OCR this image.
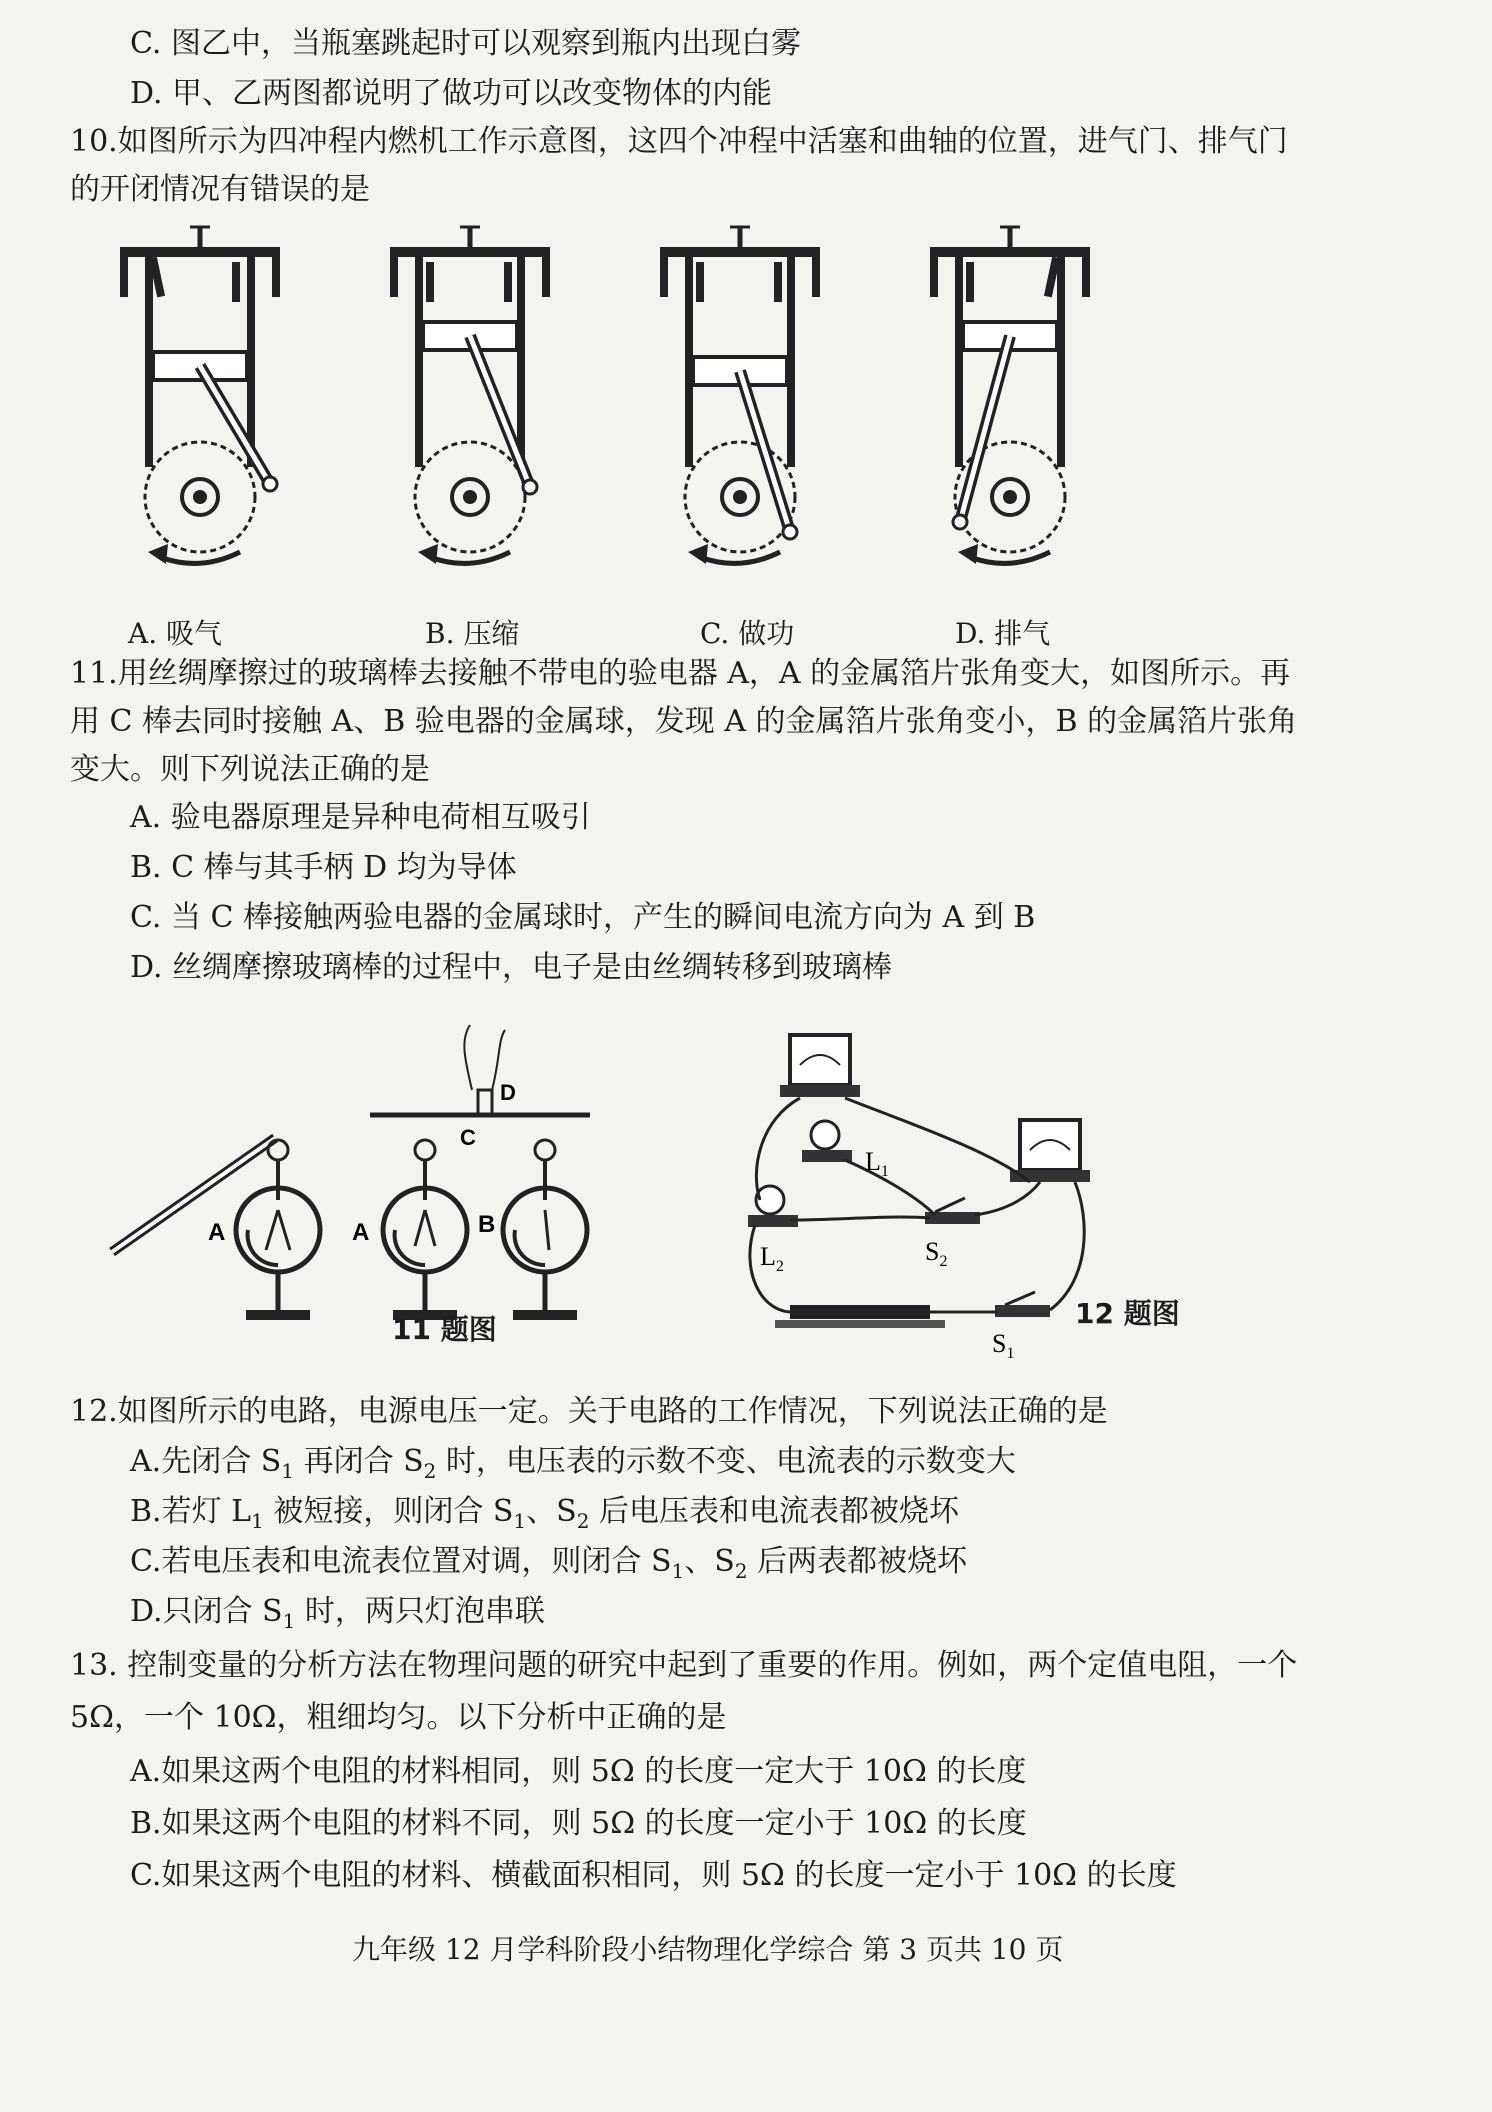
C. 图乙中，当瓶塞跳起时可以观察到瓶内出现白雾
D. 甲、乙两图都说明了做功可以改变物体的内能
10.如图所示为四冲程内燃机工作示意图，这四个冲程中活塞和曲轴的位置，进气门、排气门
的开闭情况有错误的是
A. 吸气	B. 压缩	C. 做功	D. 排气
11.用丝绸摩擦过的玻璃棒去接触不带电的验电器 A，A 的金属箔片张角变大，如图所示。再
用 C 棒去同时接触 A、B 验电器的金属球，发现 A 的金属箔片张角变小，B 的金属箔片张角
变大。则下列说法正确的是
A. 验电器原理是异种电荷相互吸引
B. C 棒与其手柄 D 均为导体
C. 当 C 棒接触两验电器的金属球时，产生的瞬间电流方向为 A 到 B
D. 丝绸摩擦玻璃棒的过程中，电子是由丝绸转移到玻璃棒
A
C
D
A	B
11 题图
$L_1$
$L_2$
$S_2$
$S_1$
12 题图
12.如图所示的电路，电源电压一定。关于电路的工作情况，下列说法正确的是
A.先闭合 $S_1$ 再闭合 $S_2$ 时，电压表的示数不变、电流表的示数变大
B.若灯 $L_1$ 被短接，则闭合 $S_1$、$S_2$ 后电压表和电流表都被烧坏
C.若电压表和电流表位置对调，则闭合 $S_1$、$S_2$ 后两表都被烧坏
D.只闭合 $S_1$ 时，两只灯泡串联
13. 控制变量的分析方法在物理问题的研究中起到了重要的作用。例如，两个定值电阻，一个
5Ω，一个 10Ω，粗细均匀。以下分析中正确的是
A.如果这两个电阻的材料相同，则 5Ω 的长度一定大于 10Ω 的长度
B.如果这两个电阻的材料不同，则 5Ω 的长度一定小于 10Ω 的长度
C.如果这两个电阻的材料、横截面积相同，则 5Ω 的长度一定小于 10Ω 的长度
九年级 12 月学科阶段小结物理化学综合 第 3 页共 10 页
